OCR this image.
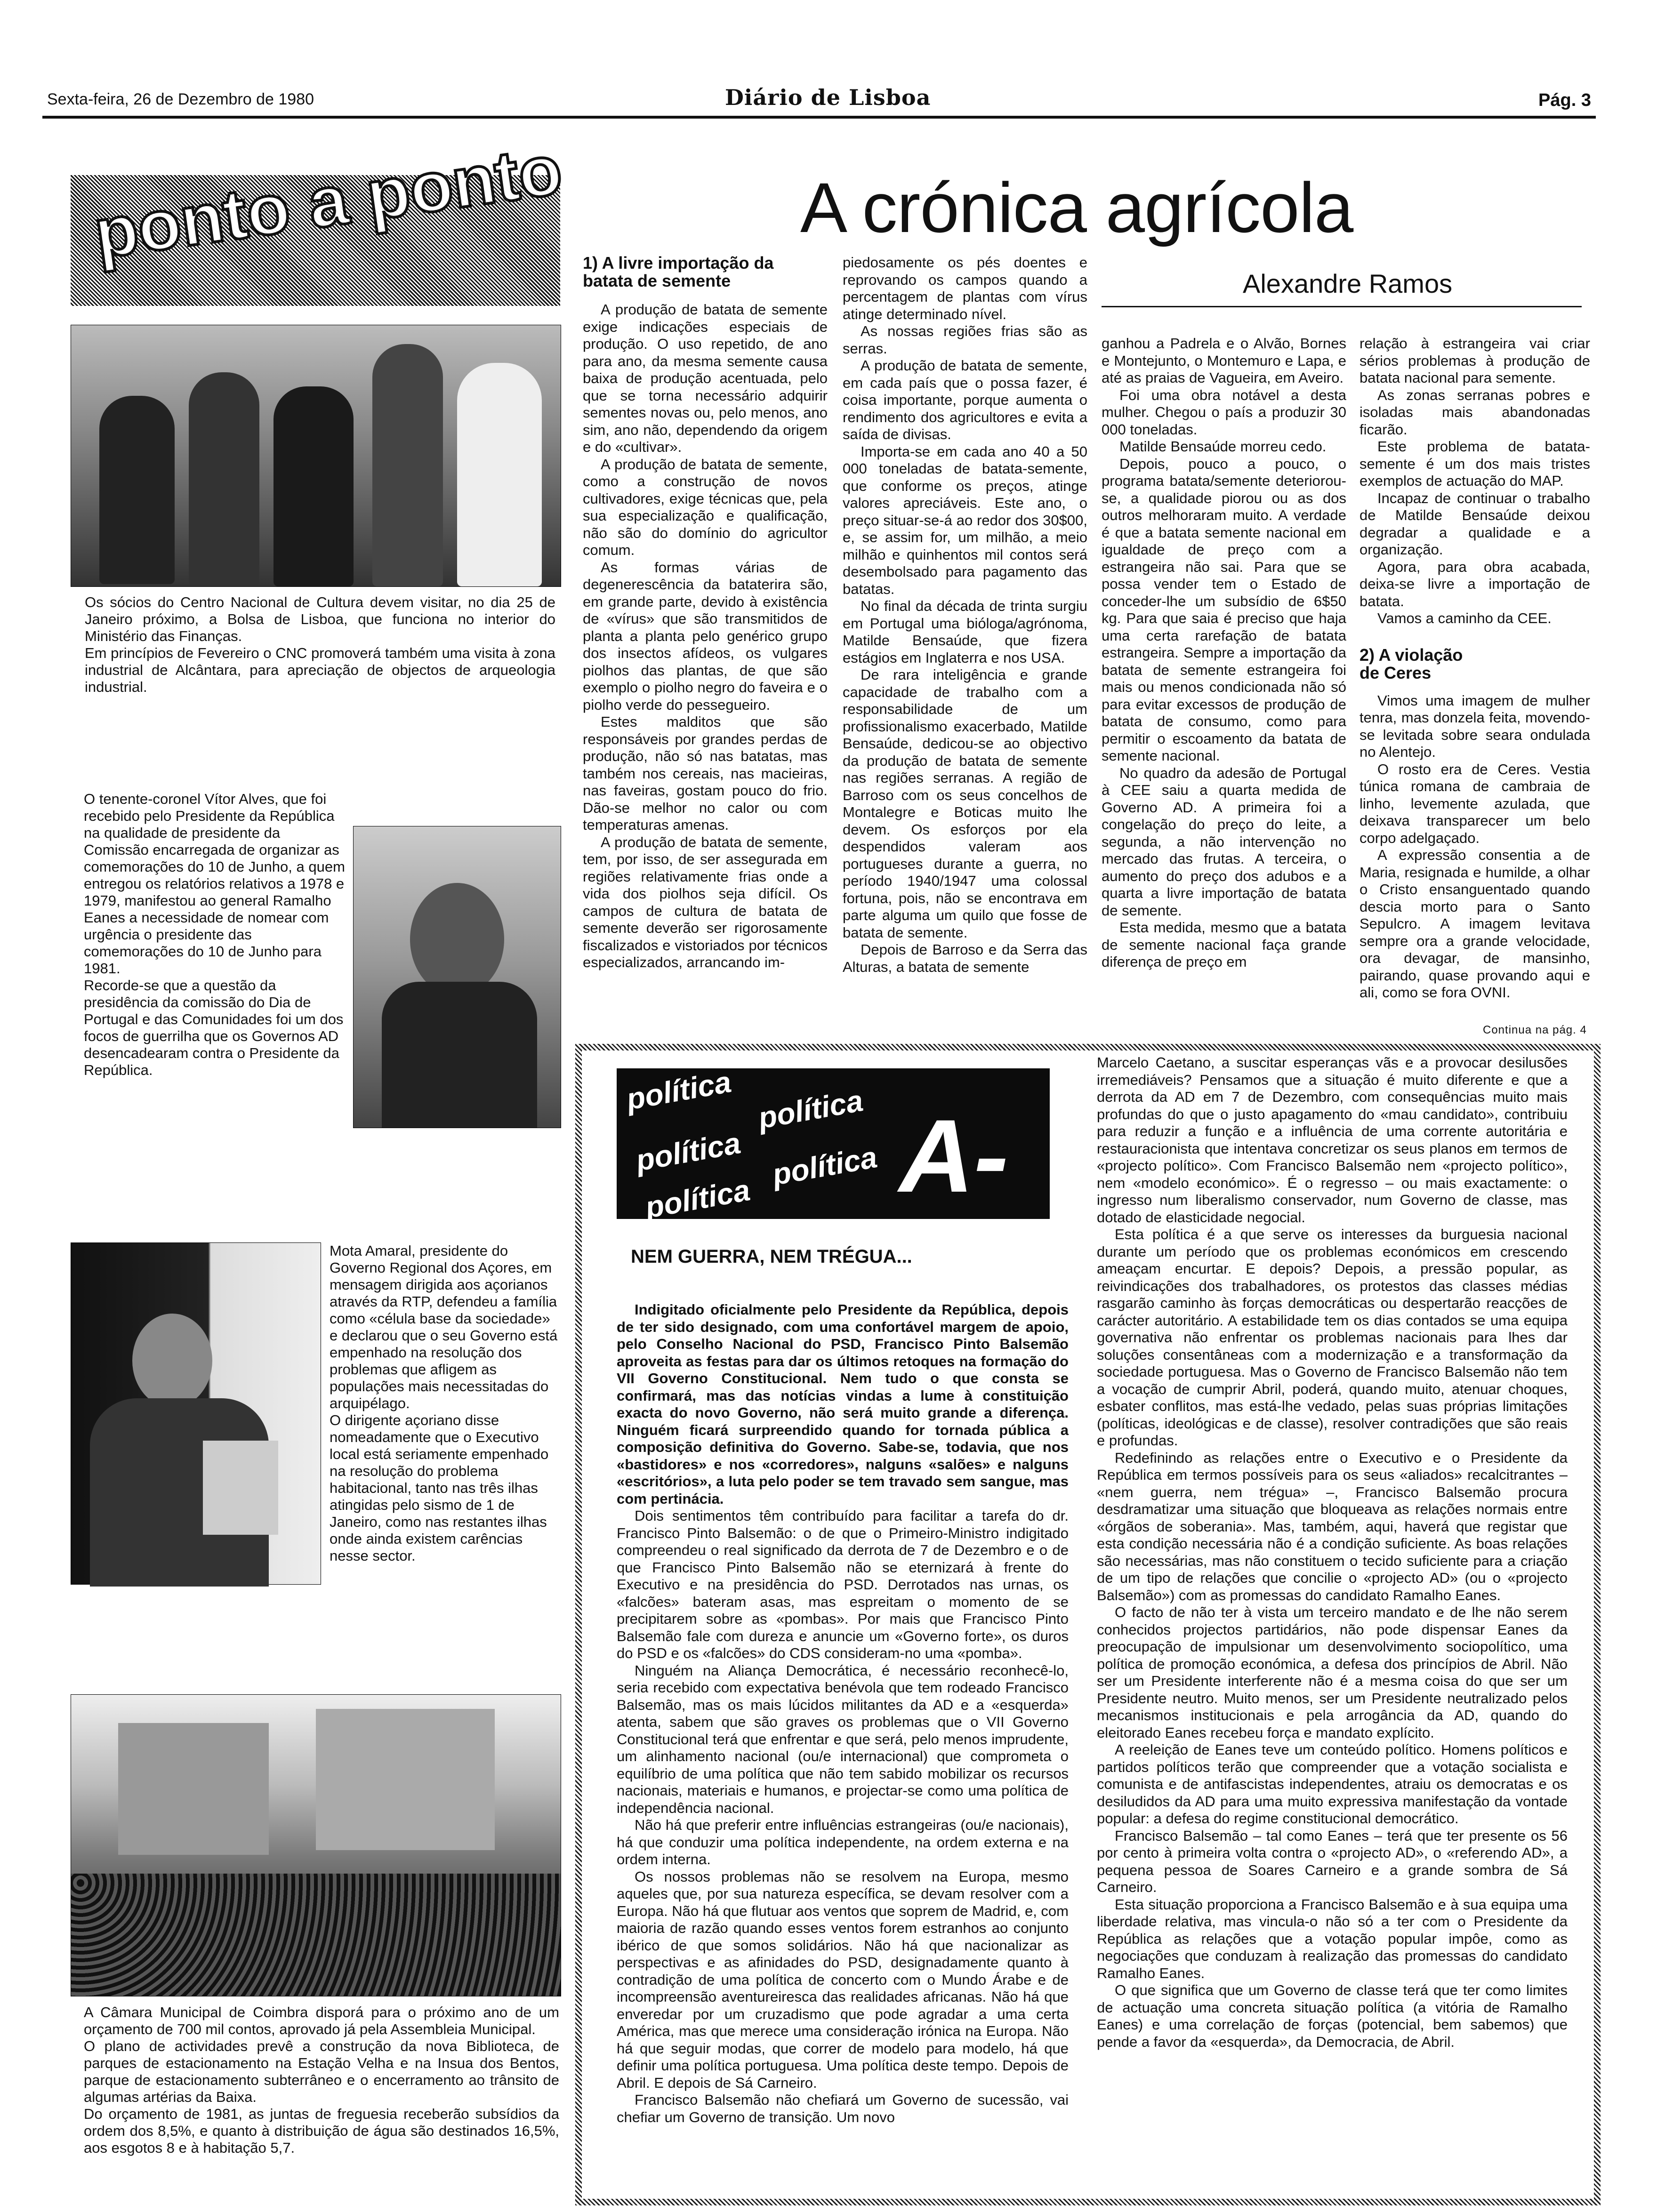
Sexta-feira, 26 de Dezembro de 1980	Diário de Lisboa	Pág. 3
ponto a ponto
Os sócios do Centro Nacional de Cultura devem visitar, no dia 25 de Janeiro próximo, a Bolsa de Lisboa, que funciona no interior do Ministério das Finanças.
Em princípios de Fevereiro o CNC promoverá também uma visita à zona industrial de Alcântara, para apreciação de objectos de arqueologia industrial.
O tenente-coronel Vítor Alves, que foi recebido pelo Presidente da República na qualidade de presidente da Comissão encarregada de organizar as comemorações do 10 de Junho, a quem entregou os relatórios relativos a 1978 e 1979, manifestou ao general Ramalho Eanes a necessidade de nomear com urgência o presidente das comemorações do 10 de Junho para 1981.
Recorde-se que a questão da presidência da comissão do Dia de Portugal e das Comunidades foi um dos focos de guerrilha que os Governos AD desencadearam contra o Presidente da República.
Mota Amaral, presidente do Governo Regional dos Açores, em mensagem dirigida aos açorianos através da RTP, defendeu a família como «célula base da sociedade» e declarou que o seu Governo está empenhado na resolução dos problemas que afligem as populações mais necessitadas do arquipélago.
O dirigente açoriano disse nomeadamente que o Executivo local está seriamente empenhado na resolução do problema habitacional, tanto nas três ilhas atingidas pelo sismo de 1 de Janeiro, como nas restantes ilhas onde ainda existem carências nesse sector.
A Câmara Municipal de Coimbra disporá para o próximo ano de um orçamento de 700 mil contos, aprovado já pela Assembleia Municipal.
O plano de actividades prevê a construção da nova Biblioteca, de parques de estacionamento na Estação Velha e na Insua dos Bentos, parque de estacionamento subterrâneo e o encerramento ao trânsito de algumas artérias da Baixa.
Do orçamento de 1981, as juntas de freguesia receberão subsídios da ordem dos 8,5%, e quanto à distribuição de água são destinados 16,5%, aos esgotos 8 e à habitação 5,7.
A crónica agrícola
Alexandre Ramos
1) A livre importação da batata de semente

A produção de batata de semente exige indicações especiais de produção. O uso repetido, de ano para ano, da mesma semente causa baixa de produção acentuada, pelo que se torna necessário adquirir sementes novas ou, pelo menos, ano sim, ano não, dependendo da origem e do «cultivar».

A produção de batata de semente, como a construção de novos cultivadores, exige técnicas que, pela sua especialização e qualificação, não são do domínio do agricultor comum.

As formas várias de degenerescência da bataterira são, em grande parte, devido à existência de «vírus» que são transmitidos de planta a planta pelo genérico grupo dos insectos afídeos, os vulgares piolhos das plantas, de que são exemplo o piolho negro do faveira e o piolho verde do pessegueiro.

Estes malditos que são responsáveis por grandes perdas de produção, não só nas batatas, mas também nos cereais, nas macieiras, nas faveiras, gostam pouco do frio. Dão-se melhor no calor ou com temperaturas amenas.

A produção de batata de semente, tem, por isso, de ser assegurada em regiões relativamente frias onde a vida dos piolhos seja difícil. Os campos de cultura de batata de semente deverão ser rigorosamente fiscalizados e vistoriados por técnicos especializados, arrancando im-

piedosamente os pés doentes e reprovando os campos quando a percentagem de plantas com vírus atinge determinado nível.

As nossas regiões frias são as serras.

A produção de batata de semente, em cada país que o possa fazer, é coisa importante, porque aumenta o rendimento dos agricultores e evita a saída de divisas.

Importa-se em cada ano 40 a 50 000 toneladas de batata-semente, que conforme os preços, atinge valores apreciáveis. Este ano, o preço situar-se-á ao redor dos 30$00, e, se assim for, um milhão, a meio milhão e quinhentos mil contos será desembolsado para pagamento das batatas.

No final da década de trinta surgiu em Portugal uma bióloga/agrónoma, Matilde Bensaúde, que fizera estágios em Inglaterra e nos USA.

De rara inteligência e grande capacidade de trabalho com a responsabilidade de um profissionalismo exacerbado, Matilde Bensaúde, dedicou-se ao objectivo da produção de batata de semente nas regiões serranas. A região de Barroso com os seus concelhos de Montalegre e Boticas muito lhe devem. Os esforços por ela despendidos valeram aos portugueses durante a guerra, no período 1940/1947 uma colossal fortuna, pois, não se encontrava em parte alguma um quilo que fosse de batata de semente.

Depois de Barroso e da Serra das Alturas, a batata de semente

ganhou a Padrela e o Alvão, Bornes e Montejunto, o Montemuro e Lapa, e até as praias de Vagueira, em Aveiro.

Foi uma obra notável a desta mulher. Chegou o país a produzir 30 000 toneladas.

Matilde Bensaúde morreu cedo.

Depois, pouco a pouco, o programa batata/semente deteriorou-se, a qualidade piorou ou as dos outros melhoraram muito. A verdade é que a batata semente nacional em igualdade de preço com a estrangeira não sai. Para que se possa vender tem o Estado de conceder-lhe um subsídio de 6$50 kg. Para que saia é preciso que haja uma certa rarefação de batata estrangeira. Sempre a importação da batata de semente estrangeira foi mais ou menos condicionada não só para evitar excessos de produção de batata de consumo, como para permitir o escoamento da batata de semente nacional.

No quadro da adesão de Portugal à CEE saiu a quarta medida de Governo AD. A primeira foi a congelação do preço do leite, a segunda, a não intervenção no mercado das frutas. A terceira, o aumento do preço dos adubos e a quarta a livre importação de batata de semente.

Esta medida, mesmo que a batata de semente nacional faça grande diferença de preço em

relação à estrangeira vai criar sérios problemas à produção de batata nacional para semente.

As zonas serranas pobres e isoladas mais abandonadas ficarão.

Este problema de batata-semente é um dos mais tristes exemplos de actuação do MAP.

Incapaz de continuar o trabalho de Matilde Bensaúde deixou degradar a qualidade e a organização.

Agora, para obra acabada, deixa-se livre a importação de batata.

Vamos a caminho da CEE.

2) A violação de Ceres

Vimos uma imagem de mulher tenra, mas donzela feita, movendo-se levitada sobre seara ondulada no Alentejo.

O rosto era de Ceres. Vestia túnica romana de cambraia de linho, levemente azulada, que deixava transparecer um belo corpo adelgaçado.

A expressão consentia a de Maria, resignada e humilde, a olhar o Cristo ensanguentado quando descia morto para o Santo Sepulcro. A imagem levitava sempre ora a grande velocidade, ora devagar, de mansinho, pairando, quase provando aqui e ali, como se fora OVNI.

Continua na pág. 4
política política
política política
política A-Z
NEM GUERRA, NEM TRÉGUA...

Indigitado oficialmente pelo Presidente da República, depois de ter sido designado, com uma confortável margem de apoio, pelo Conselho Nacional do PSD, Francisco Pinto Balsemão aproveita as festas para dar os últimos retoques na formação do VII Governo Constitucional. Nem tudo o que consta se confirmará, mas das notícias vindas a lume à constituição exacta do novo Governo, não será muito grande a diferença. Ninguém ficará surpreendido quando for tornada pública a composição definitiva do Governo. Sabe-se, todavia, que nos «bastidores» e nos «corredores», nalguns «salões» e nalguns «escritórios», a luta pelo poder se tem travado sem sangue, mas com pertinácia.

Dois sentimentos têm contribuído para facilitar a tarefa do dr. Francisco Pinto Balsemão: o de que o Primeiro-Ministro indigitado compreendeu o real significado da derrota de 7 de Dezembro e o de que Francisco Pinto Balsemão não se eternizará à frente do Executivo e na presidência do PSD. Derrotados nas urnas, os «falcões» bateram asas, mas espreitam o momento de se precipitarem sobre as «pombas». Por mais que Francisco Pinto Balsemão fale com dureza e anuncie um «Governo forte», os duros do PSD e os «falcões» do CDS consideram-no uma «pomba».

Ninguém na Aliança Democrática, é necessário reconhecê-lo, seria recebido com expectativa benévola que tem rodeado Francisco Balsemão, mas os mais lúcidos militantes da AD e a «esquerda» atenta, sabem que são graves os problemas que o VII Governo Constitucional terá que enfrentar e que será, pelo menos imprudente, um alinhamento nacional (ou/e internacional) que comprometa o equilíbrio de uma política que não tem sabido mobilizar os recursos nacionais, materiais e humanos, e projectar-se como uma política de independência nacional.

Não há que preferir entre influências estrangeiras (ou/e nacionais), há que conduzir uma política independente, na ordem externa e na ordem interna.

Os nossos problemas não se resolvem na Europa, mesmo aqueles que, por sua natureza específica, se devam resolver com a Europa. Não há que flutuar aos ventos que soprem de Madrid, e, com maioria de razão quando esses ventos forem estranhos ao conjunto ibérico de que somos solidários. Não há que nacionalizar as perspectivas e as afinidades do PSD, designadamente quanto à contradição de uma política de concerto com o Mundo Árabe e de incompreensão aventureiresca das realidades africanas. Não há que enveredar por um cruzadismo que pode agradar a uma certa América, mas que merece uma consideração irónica na Europa. Não há que seguir modas, que correr de modelo para modelo, há que definir uma política portuguesa. Uma política deste tempo. Depois de Abril. E depois de Sá Carneiro.

Francisco Balsemão não chefiará um Governo de sucessão, vai chefiar um Governo de transição. Um novo

Marcelo Caetano, a suscitar esperanças vãs e a provocar desilusões irremediáveis? Pensamos que a situação é muito diferente e que a derrota da AD em 7 de Dezembro, com consequências muito mais profundas do que o justo apagamento do «mau candidato», contribuiu para reduzir a função e a influência de uma corrente autoritária e restauracionista que intentava concretizar os seus planos em termos de «projecto político». Com Francisco Balsemão nem «projecto político», nem «modelo económico». É o regresso – ou mais exactamente: o ingresso num liberalismo conservador, num Governo de classe, mas dotado de elasticidade negocial.

Esta política é a que serve os interesses da burguesia nacional durante um período que os problemas económicos em crescendo ameaçam encurtar. E depois? Depois, a pressão popular, as reivindicações dos trabalhadores, os protestos das classes médias rasgarão caminho às forças democráticas ou despertarão reacções de carácter autoritário. A estabilidade tem os dias contados se uma equipa governativa não enfrentar os problemas nacionais para lhes dar soluções consentâneas com a modernização e a transformação da sociedade portuguesa. Mas o Governo de Francisco Balsemão não tem a vocação de cumprir Abril, poderá, quando muito, atenuar choques, esbater conflitos, mas está-lhe vedado, pelas suas próprias limitações (políticas, ideológicas e de classe), resolver contradições que são reais e profundas.

Redefinindo as relações entre o Executivo e o Presidente da República em termos possíveis para os seus «aliados» recalcitrantes – «nem guerra, nem trégua» –, Francisco Balsemão procura desdramatizar uma situação que bloqueava as relações normais entre «órgãos de soberania». Mas, também, aqui, haverá que registar que esta condição necessária não é a condição suficiente. As boas relações são necessárias, mas não constituem o tecido suficiente para a criação de um tipo de relações que concilie o «projecto AD» (ou o «projecto Balsemão») com as promessas do candidato Ramalho Eanes.

O facto de não ter à vista um terceiro mandato e de lhe não serem conhecidos projectos partidários, não pode dispensar Eanes da preocupação de impulsionar um desenvolvimento sociopolítico, uma política de promoção económica, a defesa dos princípios de Abril. Não ser um Presidente interferente não é a mesma coisa do que ser um Presidente neutro. Muito menos, ser um Presidente neutralizado pelos mecanismos institucionais e pela arrogância da AD, quando do eleitorado Eanes recebeu força e mandato explícito.

A reeleição de Eanes teve um conteúdo político. Homens políticos e partidos políticos terão que compreender que a votação socialista e comunista e de antifascistas independentes, atraiu os democratas e os desiludidos da AD para uma muito expressiva manifestação da vontade popular: a defesa do regime constitucional democrático.

Francisco Balsemão – tal como Eanes – terá que ter presente os 56 por cento à primeira volta contra o «projecto AD», o «referendo AD», a pequena pessoa de Soares Carneiro e a grande sombra de Sá Carneiro.

Esta situação proporciona a Francisco Balsemão e à sua equipa uma liberdade relativa, mas vincula-o não só a ter com o Presidente da República as relações que a votação popular impôe, como as negociações que conduzam à realização das promessas do candidato Ramalho Eanes.

O que significa que um Governo de classe terá que ter como limites de actuação uma concreta situação política (a vitória de Ramalho Eanes) e uma correlação de forças (potencial, bem sabemos) que pende a favor da «esquerda», da Democracia, de Abril.
